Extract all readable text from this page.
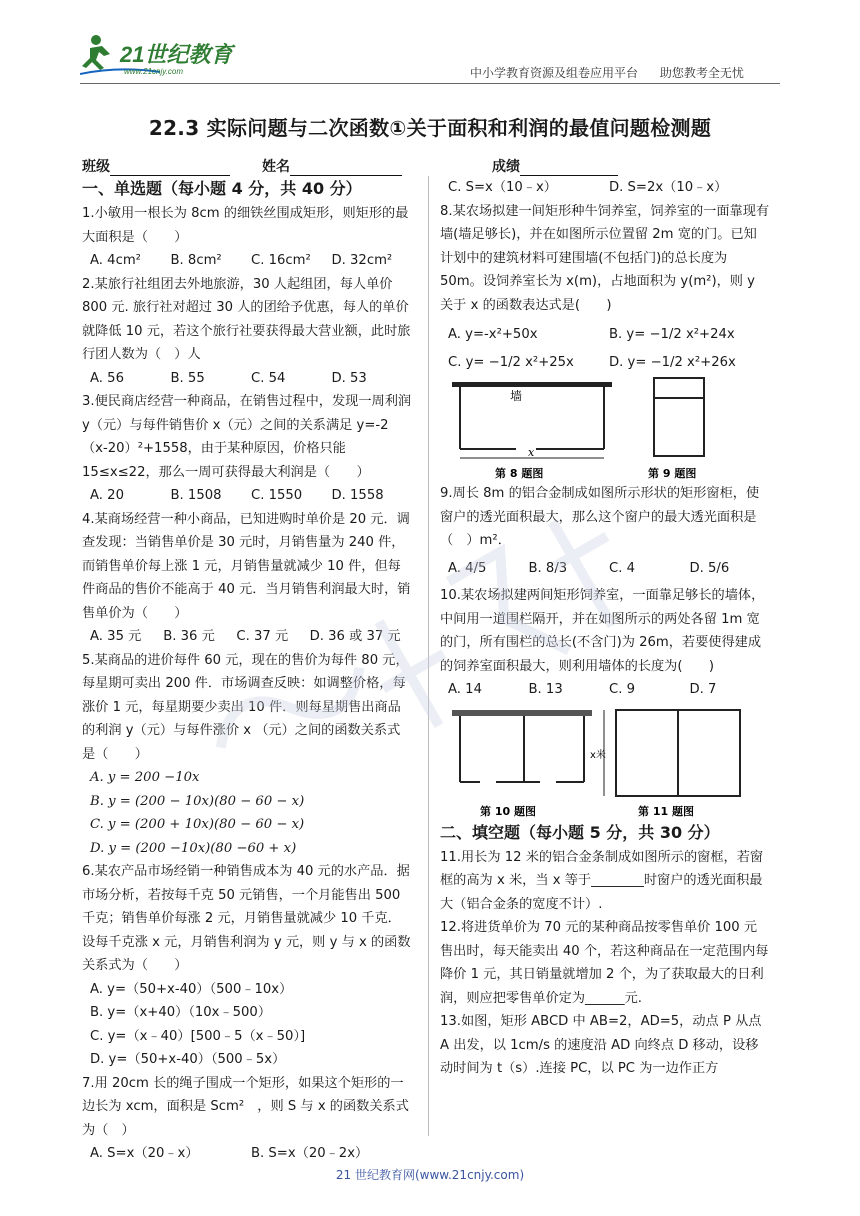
21世纪教育
www.21cnjy.com	中小学教育资源及组卷应用平台 助您教考全无忧
22.3 实际问题与二次函数①关于面积和利润的最值问题检测题
班级	姓名	成绩
一、单选题（每小题 4 分，共 40 分）
1.小敏用一根长为 8cm 的细铁丝围成矩形，则矩形的最大面积是（　　）
A. 4cm²	B. 8cm²	C. 16cm²	D. 32cm²
2.某旅行社组团去外地旅游，30 人起组团，每人单价 800 元. 旅行社对超过 30 人的团给予优惠，每人的单价就降低 10 元，若这个旅行社要获得最大营业额，此时旅行团人数为（　）人
A. 56	B. 55	C. 54	D. 53
3.便民商店经营一种商品，在销售过程中，发现一周利润 y（元）与每件销售价 x（元）之间的关系满足 y=-2（x-20）²+1558，由于某种原因，价格只能 15≤x≤22，那么一周可获得最大利润是（　　）
A. 20	B. 1508	C. 1550	D. 1558
4.某商场经营一种小商品，已知进购时单价是 20 元．调查发现：当销售单价是 30 元时，月销售量为 240 件，而销售单价每上涨 1 元，月销售量就减少 10 件，但每件商品的售价不能高于 40 元．当月销售利润最大时，销售单价为（　　）
A. 35 元	B. 36 元	C. 37 元	D. 36 或 37 元
5.某商品的进价每件 60 元，现在的售价为每件 80 元，每星期可卖出 200 件．市场调查反映：如调整价格，每涨价 1 元，每星期要少卖出 10 件．则每星期售出商品的利润 y（元）与每件涨价 x （元）之间的函数关系式是（　　）
A. y = 200 −10x
B. y = (200 − 10x)(80 − 60 − x)
C. y = (200 + 10x)(80 − 60 − x)
D. y = (200 −10x)(80 −60 + x)
6.某农产品市场经销一种销售成本为 40 元的水产品．据市场分析，若按每千克 50 元销售，一个月能售出 500 千克；销售单价每涨 2 元，月销售量就减少 10 千克．设每千克涨 x 元，月销售利润为 y 元，则 y 与 x 的函数关系式为（　　）
A. y=（50+x-40）（500﹣10x）
B. y=（x+40）（10x﹣500）
C. y=（x﹣40）[500﹣5（x﹣50）]
D. y=（50+x-40）（500﹣5x）
7.用 20cm 长的绳子围成一个矩形，如果这个矩形的一边长为 xcm，面积是 Scm²　，则 S 与 x 的函数关系式为（　）
A. S=x（20﹣x）	B. S=x（20﹣2x）
C. S=x（10﹣x）	D. S=2x（10﹣x）
8.某农场拟建一间矩形种牛饲养室，饲养室的一面靠现有墙(墙足够长)，并在如图所示位置留 2m 宽的门。已知计划中的建筑材料可建围墙(不包括门)的总长度为 50m。设饲养室长为 x(m)，占地面积为 y(m²)，则 y 关于 x 的函数表达式是(　　)
A. y=-x²+50x	B. y= −1/2 x²+24x
C. y= −1/2 x²+25x	D. y= −1/2 x²+26x
墙
x
第 8 题图	第 9 题图
9.周长 8m 的铝合金制成如图所示形状的矩形窗柜，使窗户的透光面积最大，那么这个窗户的最大透光面积是（　）m²．
A. 4/5	B. 8/3	C. 4	D. 5/6
10.某农场拟建两间矩形饲养室，一面靠足够长的墙体，中间用一道围栏隔开，并在如图所示的两处各留 1m 宽的门，所有围栏的总长(不含门)为 26m，若要使得建成的饲养室面积最大，则利用墙体的长度为(　　)
A. 14	B. 13	C. 9	D. 7
第 10 题图
x米
第 11 题图
二、填空题（每小题 5 分，共 30 分）
11.用长为 12 米的铝合金条制成如图所示的窗框，若窗框的高为 x 米，当 x 等于________时窗户的透光面积最大（铝合金条的宽度不计）.
12.将进货单价为 70 元的某种商品按零售单价 100 元售出时，每天能卖出 40 个，若这种商品在一定范围内每降价 1 元，其日销量就增加 2 个，为了获取最大的日利润，则应把零售单价定为______元.
13.如图，矩形 ABCD 中 AB=2，AD=5，动点 P 从点 A 出发，以 1cm/s 的速度沿 AD 向终点 D 移动，设移动时间为 t（s）.连接 PC，以 PC 为一边作正方
21 世纪教育网(www.21cnjy.com)
